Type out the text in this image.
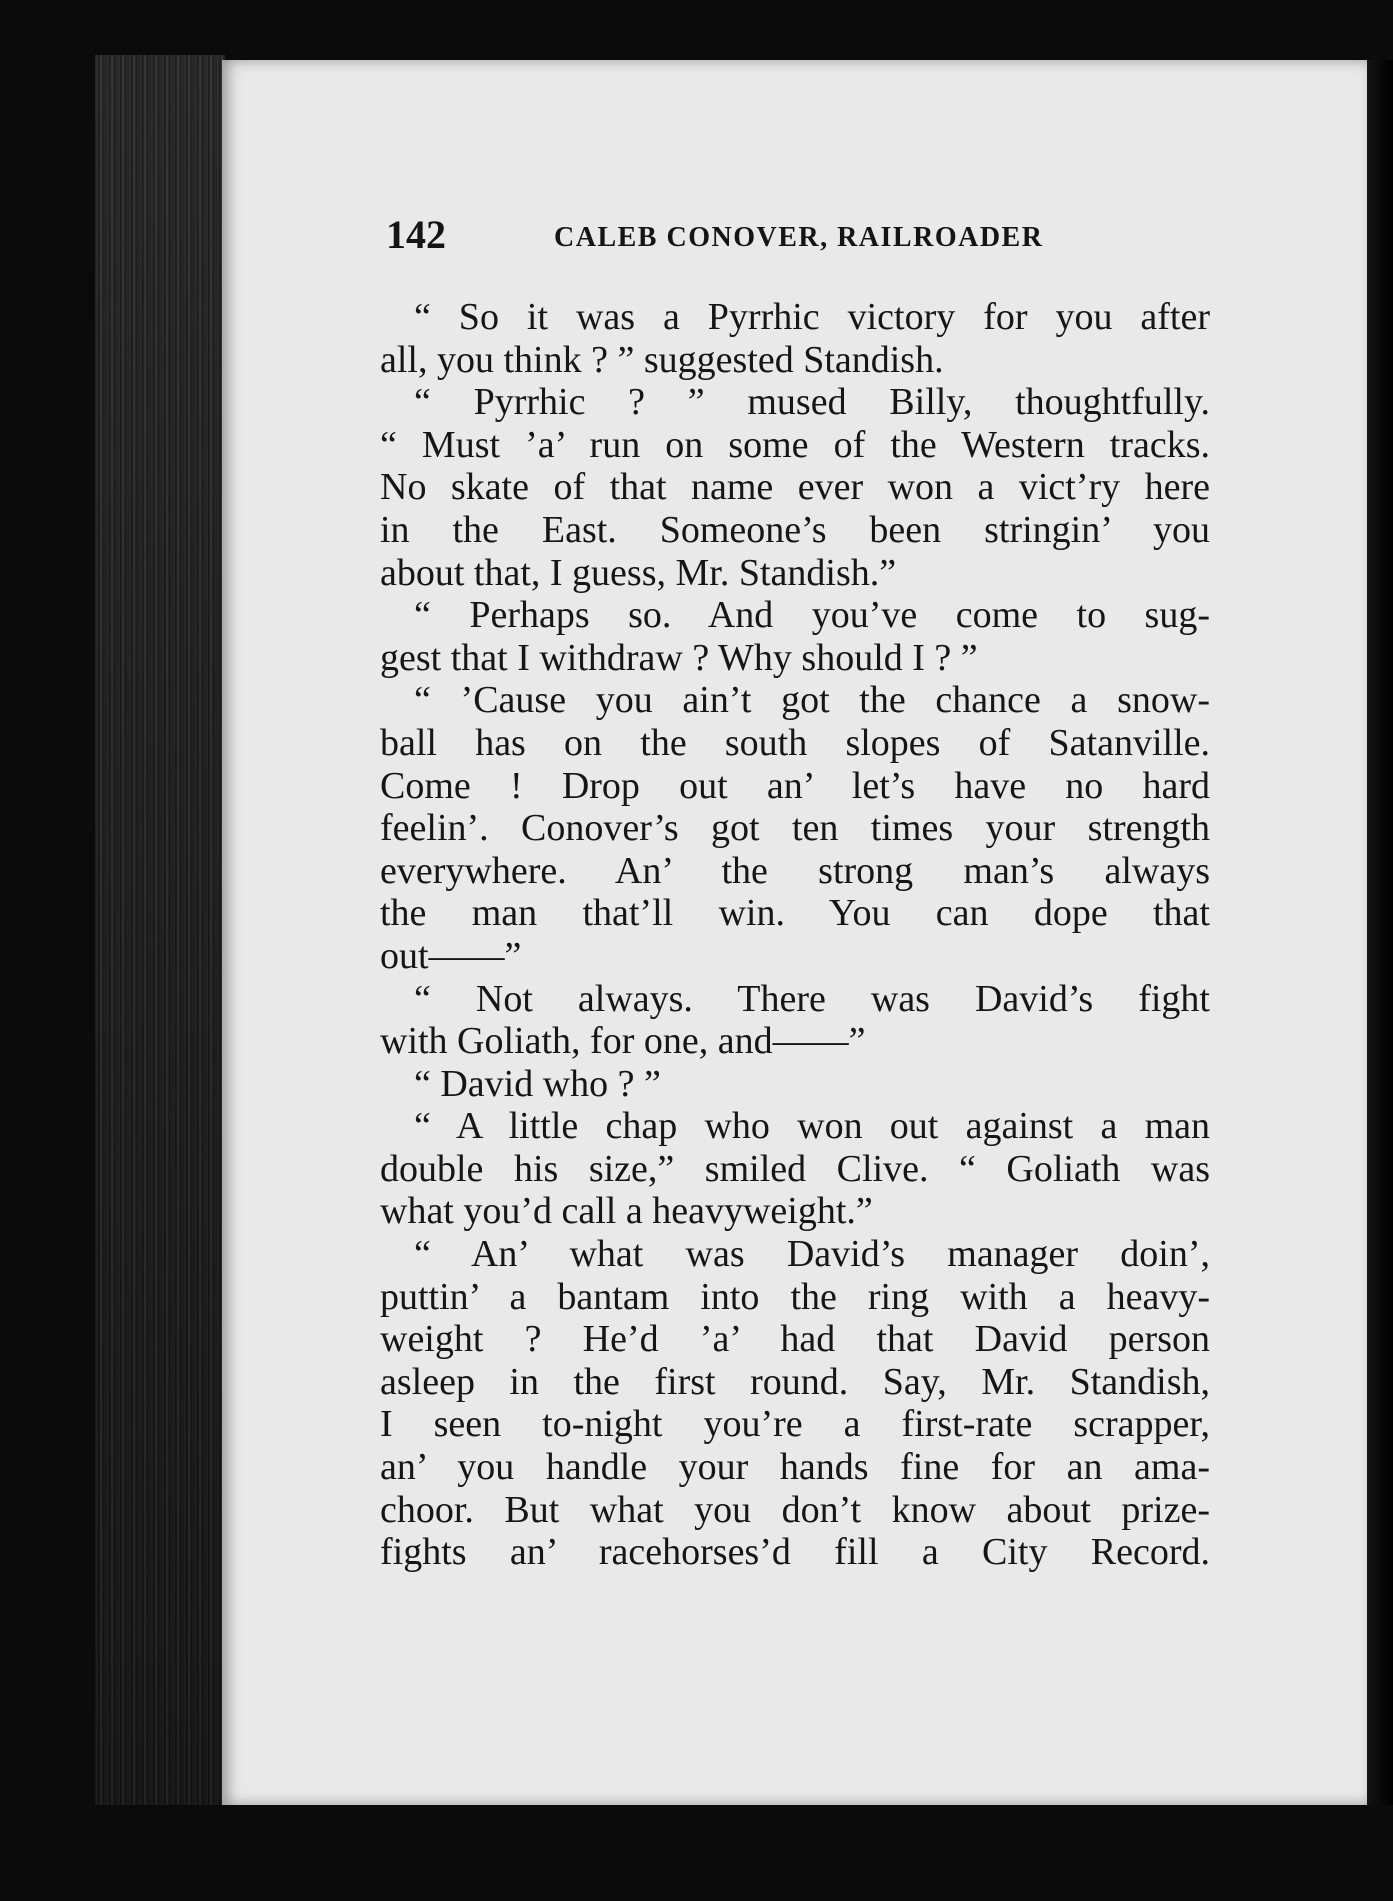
142	CALEB CONOVER, RAILROADER
“ So it was a Pyrrhic victory for you after
all, you think ? ” suggested Standish.
“ Pyrrhic ? ” mused Billy, thoughtfully.
“ Must ’a’ run on some of the Western tracks.
No skate of that name ever won a vict’ry here
in the East. Someone’s been stringin’ you
about that, I guess, Mr. Standish.”
“ Perhaps so. And you’ve come to sug-
gest that I withdraw ? Why should I ? ”
“ ’Cause you ain’t got the chance a snow-
ball has on the south slopes of Satanville.
Come ! Drop out an’ let’s have no hard
feelin’. Conover’s got ten times your strength
everywhere. An’ the strong man’s always
the man that’ll win. You can dope that
out——”
“ Not always. There was David’s fight
with Goliath, for one, and——”
“ David who ? ”
“ A little chap who won out against a man
double his size,” smiled Clive. “ Goliath was
what you’d call a heavyweight.”
“ An’ what was David’s manager doin’,
puttin’ a bantam into the ring with a heavy-
weight ? He’d ’a’ had that David person
asleep in the first round. Say, Mr. Standish,
I seen to-night you’re a first-rate scrapper,
an’ you handle your hands fine for an ama-
choor. But what you don’t know about prize-
fights an’ racehorses’d fill a City Record.
